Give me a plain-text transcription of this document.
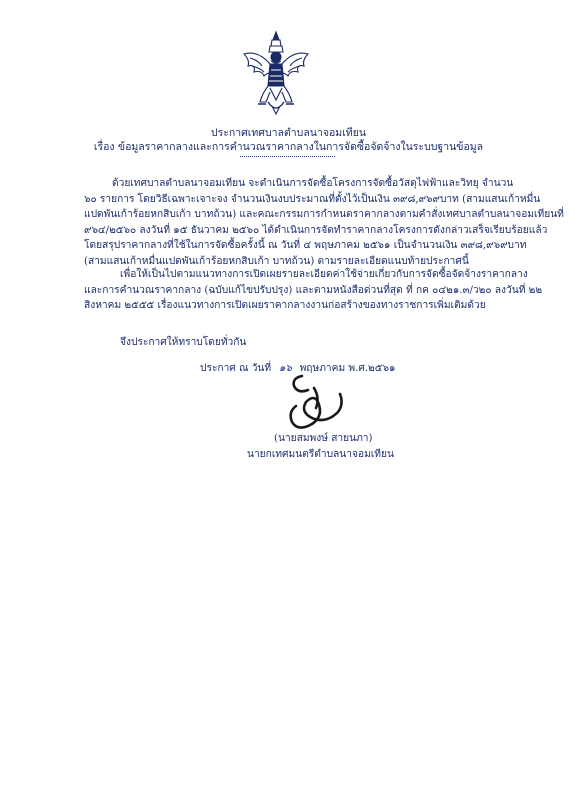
ประกาศเทศบาลตำบลนาจอมเทียน
เรื่อง ข้อมูลราคากลางและการคำนวณราคากลางในการจัดซื้อจัดจ้างในระบบฐานข้อมูล
ด้วยเทศบาลตำบลนาจอมเทียน จะดำเนินการจัดซื้อโครงการจัดซื้อวัสดุไฟฟ้าและวิทยุ จำนวน
๖๐ รายการ โดยวิธีเฉพาะเจาะจง จำนวนเงินงบประมาณที่ตั้งไว้เป็นเงิน ๓๙๘,๙๖๙บาท (สามแสนเก้าหมื่น
แปดพันเก้าร้อยหกสิบเก้า บาทถ้วน) และคณะกรรมการกำหนดราคากลางตามคำสั่งเทศบาลตำบลนาจอมเทียนที่
๙๖๔/๒๕๖๐ ลงวันที่ ๑๕ ธันวาคม ๒๕๖๐ ได้ดำเนินการจัดทำราคากลางโครงการดังกล่าวเสร็จเรียบร้อยแล้ว
โดยสรุปราคากลางที่ใช้ในการจัดซื้อครั้งนี้ ณ วันที่ ๔ พฤษภาคม ๒๕๖๑ เป็นจำนวนเงิน ๓๙๘,๙๖๙บาท
(สามแสนเก้าหมื่นแปดพันเก้าร้อยหกสิบเก้า บาทถ้วน) ตามรายละเอียดแนบท้ายประกาศนี้
เพื่อให้เป็นไปตามแนวทางการเปิดเผยรายละเอียดค่าใช้จ่ายเกี่ยวกับการจัดซื้อจัดจ้างราคากลาง
และการคำนวณราคากลาง (ฉบับแก้ไขปรับปรุง) และตามหนังสือด่วนที่สุด ที่ กค ๐๔๒๑.๓/ว๒๐ ลงวันที่ ๒๒
สิงหาคม ๒๕๕๕ เรื่องแนวทางการเปิดเผยราคากลางงานก่อสร้างของทางราชการเพิ่มเติมด้วย
จึงประกาศให้ทราบโดยทั่วกัน
ประกาศ ณ วันที่ ๑๖ พฤษภาคม พ.ศ.๒๕๖๑
(นายสมพงษ์ สายนภา)
นายกเทศมนตรีตำบลนาจอมเทียน
